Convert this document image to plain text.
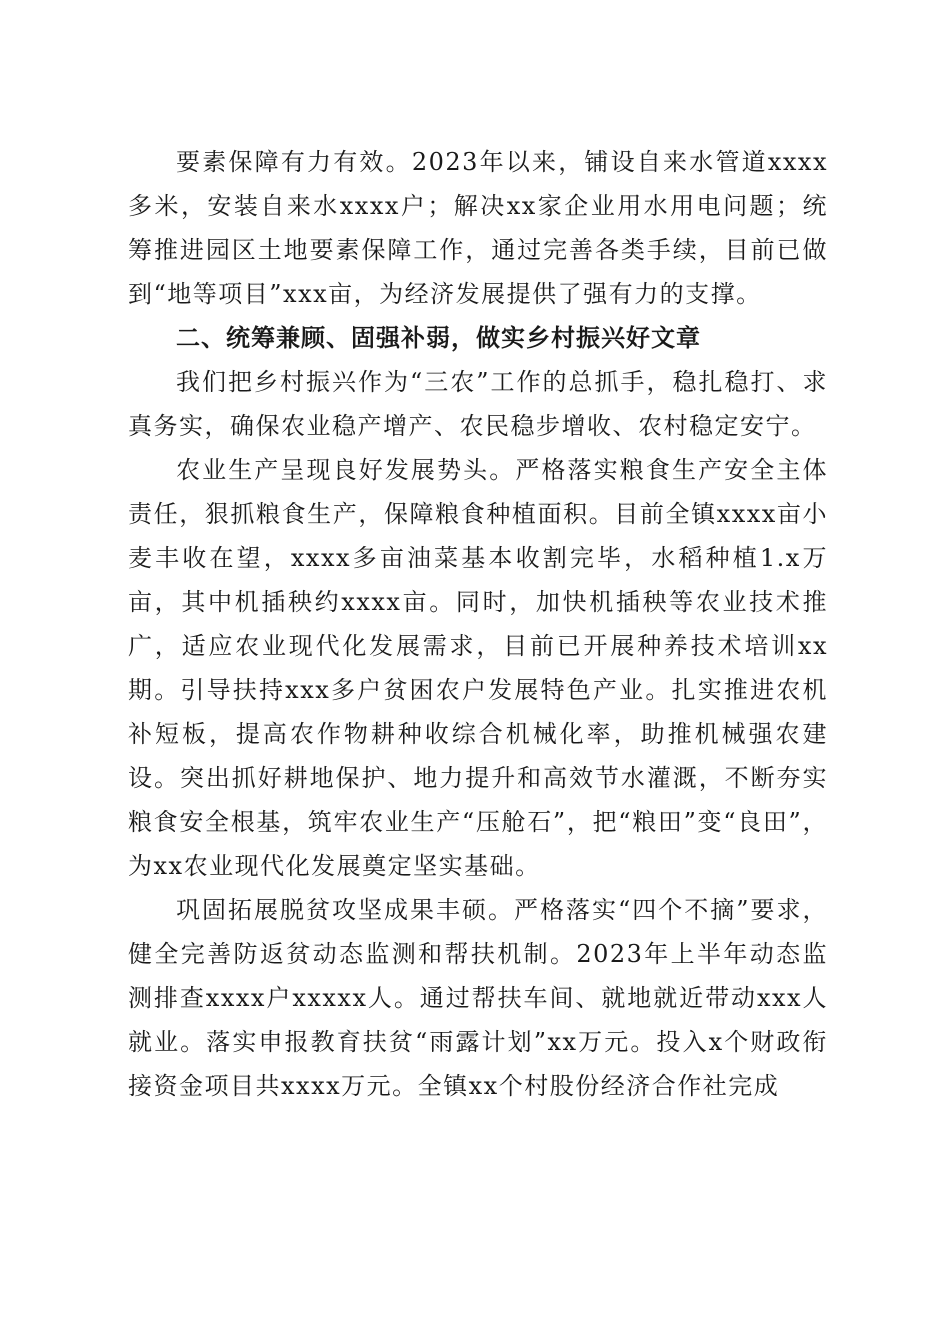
要素保障有力有效。2023年以来，铺设自来水管道xxxx多米，安装自来水xxxx户；解决xx家企业用水用电问题；统筹推进园区土地要素保障工作，通过完善各类手续，目前已做到“地等项目”xxx亩，为经济发展提供了强有力的支撑。

二、统筹兼顾、固强补弱，做实乡村振兴好文章

我们把乡村振兴作为“三农”工作的总抓手，稳扎稳打、求真务实，确保农业稳产增产、农民稳步增收、农村稳定安宁。

农业生产呈现良好发展势头。严格落实粮食生产安全主体责任，狠抓粮食生产，保障粮食种植面积。目前全镇xxxx亩小麦丰收在望，xxxx多亩油菜基本收割完毕，水稻种植1.x万亩，其中机插秧约xxxx亩。同时，加快机插秧等农业技术推广，适应农业现代化发展需求，目前已开展种养技术培训xx期。引导扶持xxx多户贫困农户发展特色产业。扎实推进农机补短板，提高农作物耕种收综合机械化率，助推机械强农建设。突出抓好耕地保护、地力提升和高效节水灌溉，不断夯实粮食安全根基，筑牢农业生产“压舱石”，把“粮田”变“良田”，为xx农业现代化发展奠定坚实基础。

巩固拓展脱贫攻坚成果丰硕。严格落实“四个不摘”要求，健全完善防返贫动态监测和帮扶机制。2023年上半年动态监测排查xxxx户xxxxx人。通过帮扶车间、就地就近带动xxx人就业。落实申报教育扶贫“雨露计划”xx万元。投入x个财政衔接资金项目共xxxx万元。全镇xx个村股份经济合作社完成
